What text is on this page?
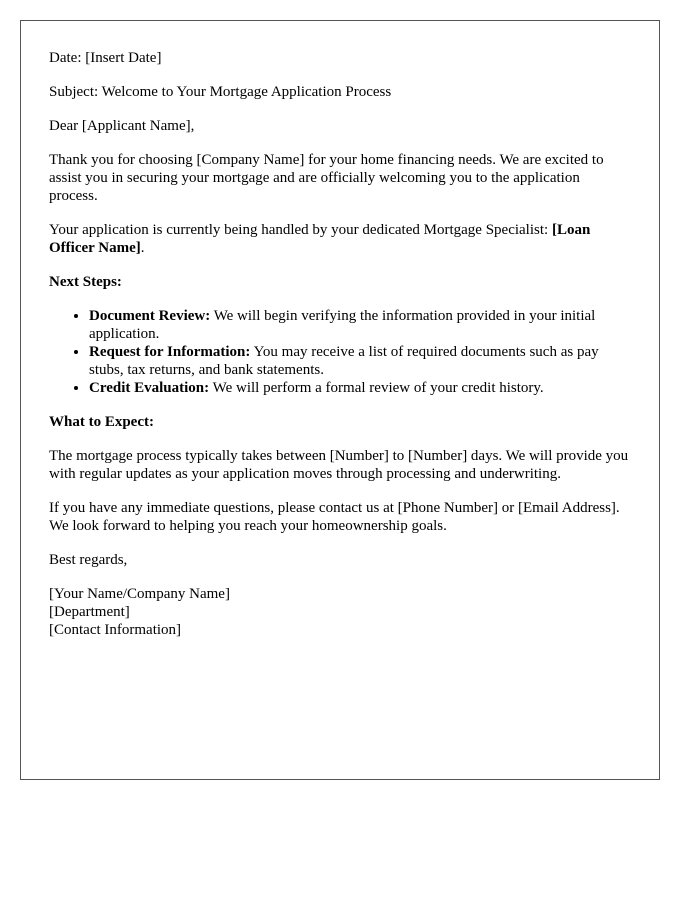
Date: [Insert Date]

Subject: Welcome to Your Mortgage Application Process

Dear [Applicant Name],

Thank you for choosing [Company Name] for your home financing needs. We are excited to assist you in securing your mortgage and are officially welcoming you to the application process.

Your application is currently being handled by your dedicated Mortgage Specialist: [Loan Officer Name].

Next Steps:

• Document Review: We will begin verifying the information provided in your initial application.
• Request for Information: You may receive a list of required documents such as pay stubs, tax returns, and bank statements.
• Credit Evaluation: We will perform a formal review of your credit history.

What to Expect:

The mortgage process typically takes between [Number] to [Number] days. We will provide you with regular updates as your application moves through processing and underwriting.

If you have any immediate questions, please contact us at [Phone Number] or [Email Address]. We look forward to helping you reach your homeownership goals.

Best regards,

[Your Name/Company Name]
[Department]
[Contact Information]
